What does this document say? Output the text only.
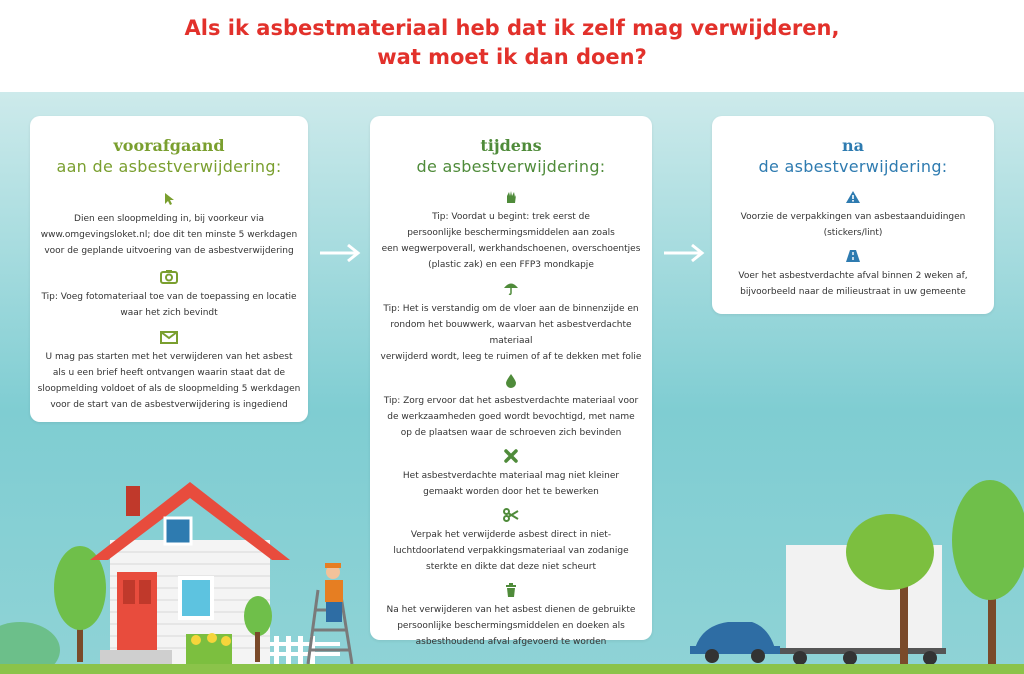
Als ik asbestmateriaal heb dat ik zelf mag verwijderen,
wat moet ik dan doen?
voorafgaand

aan de asbestverwijdering:

Dien een sloopmelding in, bij voorkeur via
www.omgevingsloket.nl; doe dit ten minste 5 werkdagen
voor de geplande uitvoering van de asbestverwijdering

Tip: Voeg fotomateriaal toe van de toepassing en locatie
waar het zich bevindt

U mag pas starten met het verwijderen van het asbest
als u een brief heeft ontvangen waarin staat dat de
sloopmelding voldoet of als de sloopmelding 5 werkdagen
voor de start van de asbestverwijdering is ingediend

tijdens

de asbestverwijdering:

Tip: Voordat u begint: trek eerst de
persoonlijke beschermingsmiddelen aan zoals
een wegwerpoverall, werkhandschoenen, overschoentjes
(plastic zak) en een FFP3 mondkapje

Tip: Het is verstandig om de vloer aan de binnenzijde en
rondom het bouwwerk, waarvan het asbestverdachte materiaal
verwijderd wordt, leeg te ruimen of af te dekken met folie

Tip: Zorg ervoor dat het asbestverdachte materiaal voor
de werkzaamheden goed wordt bevochtigd, met name
op de plaatsen waar de schroeven zich bevinden

Het asbestverdachte materiaal mag niet kleiner
gemaakt worden door het te bewerken

Verpak het verwijderde asbest direct in niet-
luchtdoorlatend verpakkingsmateriaal van zodanige
sterkte en dikte dat deze niet scheurt

Na het verwijderen van het asbest dienen de gebruikte
persoonlijke beschermingsmiddelen en doeken als
asbesthoudend afval afgevoerd te worden

na

de asbestverwijdering:

Voorzie de verpakkingen van asbestaanduidingen
(stickers/lint)

Voer het asbestverdachte afval binnen 2 weken af,
bijvoorbeeld naar de milieustraat in uw gemeente
